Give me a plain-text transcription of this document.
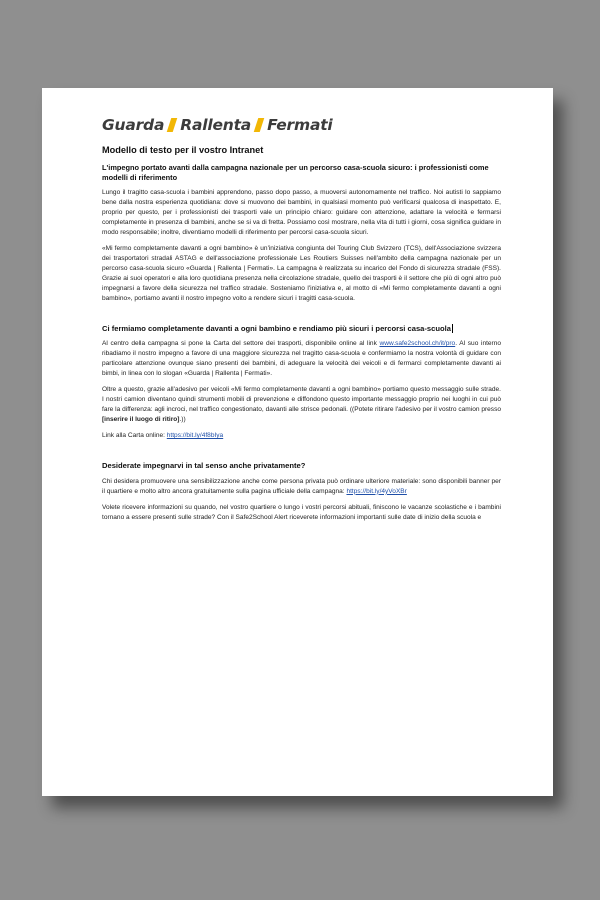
Guarda Rallenta Fermati
Modello di testo per il vostro Intranet
L'impegno portato avanti dalla campagna nazionale per un percorso casa-scuola sicuro: i professionisti come modelli di riferimento

Lungo il tragitto casa-scuola i bambini apprendono, passo dopo passo, a muoversi autonomamente nel traffico. Noi autisti lo sappiamo bene dalla nostra esperienza quotidiana: dove si muovono dei bambini, in qualsiasi momento può verificarsi qualcosa di inaspettato. E, proprio per questo, per i professionisti dei trasporti vale un principio chiaro: guidare con attenzione, adattare la velocità e fermarsi completamente in presenza di bambini, anche se si va di fretta. Possiamo così mostrare, nella vita di tutti i giorni, cosa significa guidare in modo responsabile; inoltre, diventiamo modelli di riferimento per percorsi casa-scuola sicuri.

«Mi fermo completamente davanti a ogni bambino» è un'iniziativa congiunta del Touring Club Svizzero (TCS), dell'Associazione svizzera dei trasportatori stradali ASTAG e dell'associazione professionale Les Routiers Suisses nell'ambito della campagna nazionale per un percorso casa-scuola sicuro «Guarda | Rallenta | Fermati». La campagna è realizzata su incarico del Fondo di sicurezza stradale (FSS). Grazie ai suoi operatori e alla loro quotidiana presenza nella circolazione stradale, quello dei trasporti è il settore che più di ogni altro può impegnarsi a favore della sicurezza nel traffico stradale. Sosteniamo l'iniziativa e, al motto di «Mi fermo completamente davanti a ogni bambino», portiamo avanti il nostro impegno volto a rendere sicuri i tragitti casa-scuola.

Ci fermiamo completamente davanti a ogni bambino e rendiamo più sicuri i percorsi casa-scuola

Al centro della campagna si pone la Carta del settore dei trasporti, disponibile online al link www.safe2school.ch/it/pro. Al suo interno ribadiamo il nostro impegno a favore di una maggiore sicurezza nel tragitto casa-scuola e confermiamo la nostra volontà di guidare con particolare attenzione ovunque siano presenti dei bambini, di adeguare la velocità dei veicoli e di fermarci completamente davanti ai bimbi, in linea con lo slogan «Guarda | Rallenta | Fermati».

Oltre a questo, grazie all'adesivo per veicoli «Mi fermo completamente davanti a ogni bambino» portiamo questo messaggio sulle strade. I nostri camion diventano quindi strumenti mobili di prevenzione e diffondono questo importante messaggio proprio nei luoghi in cui può fare la differenza: agli incroci, nel traffico congestionato, davanti alle strisce pedonali. ((Potete ritirare l'adesivo per il vostro camion presso [inserire il luogo di ritiro].))

Link alla Carta online: https://bit.ly/4f8bIya

Desiderate impegnarvi in tal senso anche privatamente?

Chi desidera promuovere una sensibilizzazione anche come persona privata può ordinare ulteriore materiale: sono disponibili banner per il quartiere e molto altro ancora gratuitamente sulla pagina ufficiale della campagna: https://bit.ly/4yVoXBr

Volete ricevere informazioni su quando, nel vostro quartiere o lungo i vostri percorsi abituali, finiscono le vacanze scolastiche e i bambini tornano a essere presenti sulle strade? Con il Safe2School Alert riceverete informazioni importanti sulle date di inizio della scuola e
